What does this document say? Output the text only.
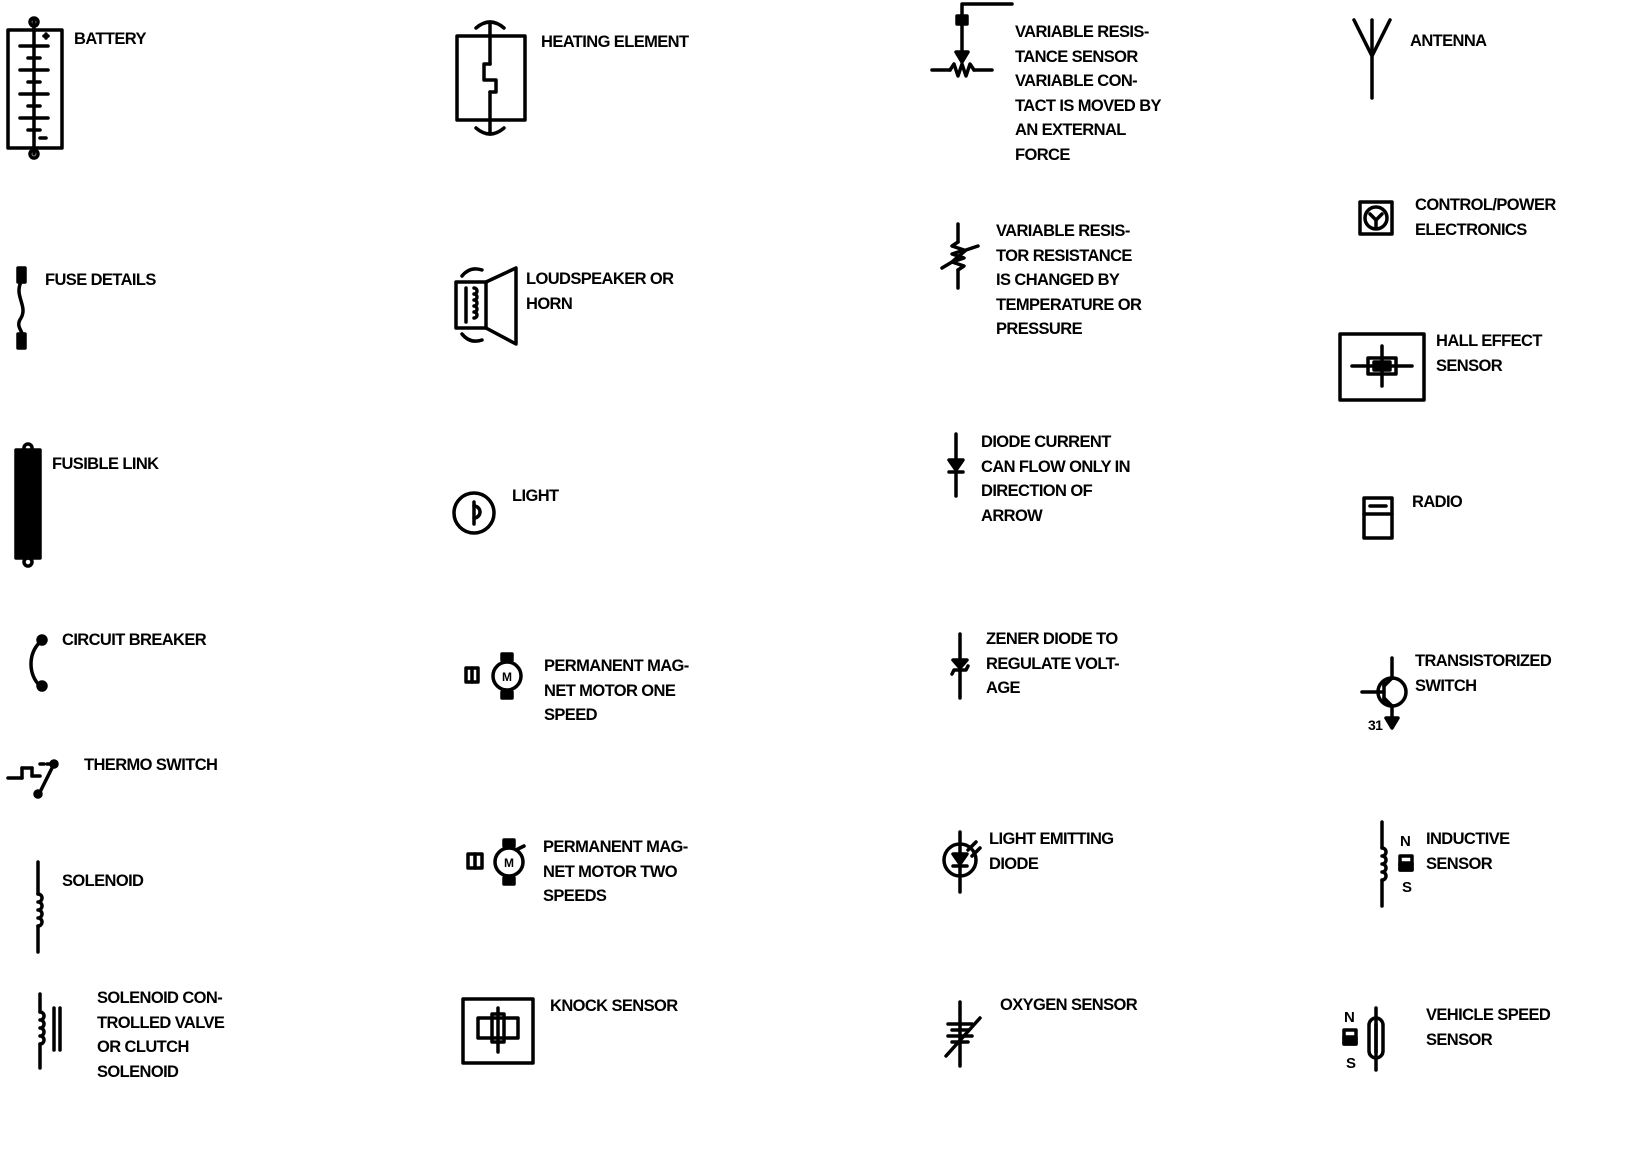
BATTERY

FUSE DETAILS

FUSIBLE LINK

CIRCUIT BREAKER

THERMO SWITCH

SOLENOID

SOLENOID CON-
TROLLED VALVE
OR CLUTCH
SOLENOID

HEATING ELEMENT

LOUDSPEAKER OR
HORN

LIGHT

M

PERMANENT MAG-
NET MOTOR ONE
SPEED

M

PERMANENT MAG-
NET MOTOR TWO
SPEEDS

KNOCK SENSOR

VARIABLE RESIS-
TANCE SENSOR
VARIABLE CON-
TACT IS MOVED BY
AN EXTERNAL
FORCE

VARIABLE RESIS-
TOR RESISTANCE
IS CHANGED BY
TEMPERATURE OR
PRESSURE

DIODE CURRENT
CAN FLOW ONLY IN
DIRECTION OF
ARROW

ZENER DIODE TO
REGULATE VOLT-
AGE

LIGHT EMITTING
DIODE

OXYGEN SENSOR

ANTENNA

CONTROL/POWER
ELECTRONICS

HALL EFFECT
SENSOR

RADIO

31

TRANSISTORIZED
SWITCH

N

S

INDUCTIVE
SENSOR

N

S

VEHICLE SPEED
SENSOR
